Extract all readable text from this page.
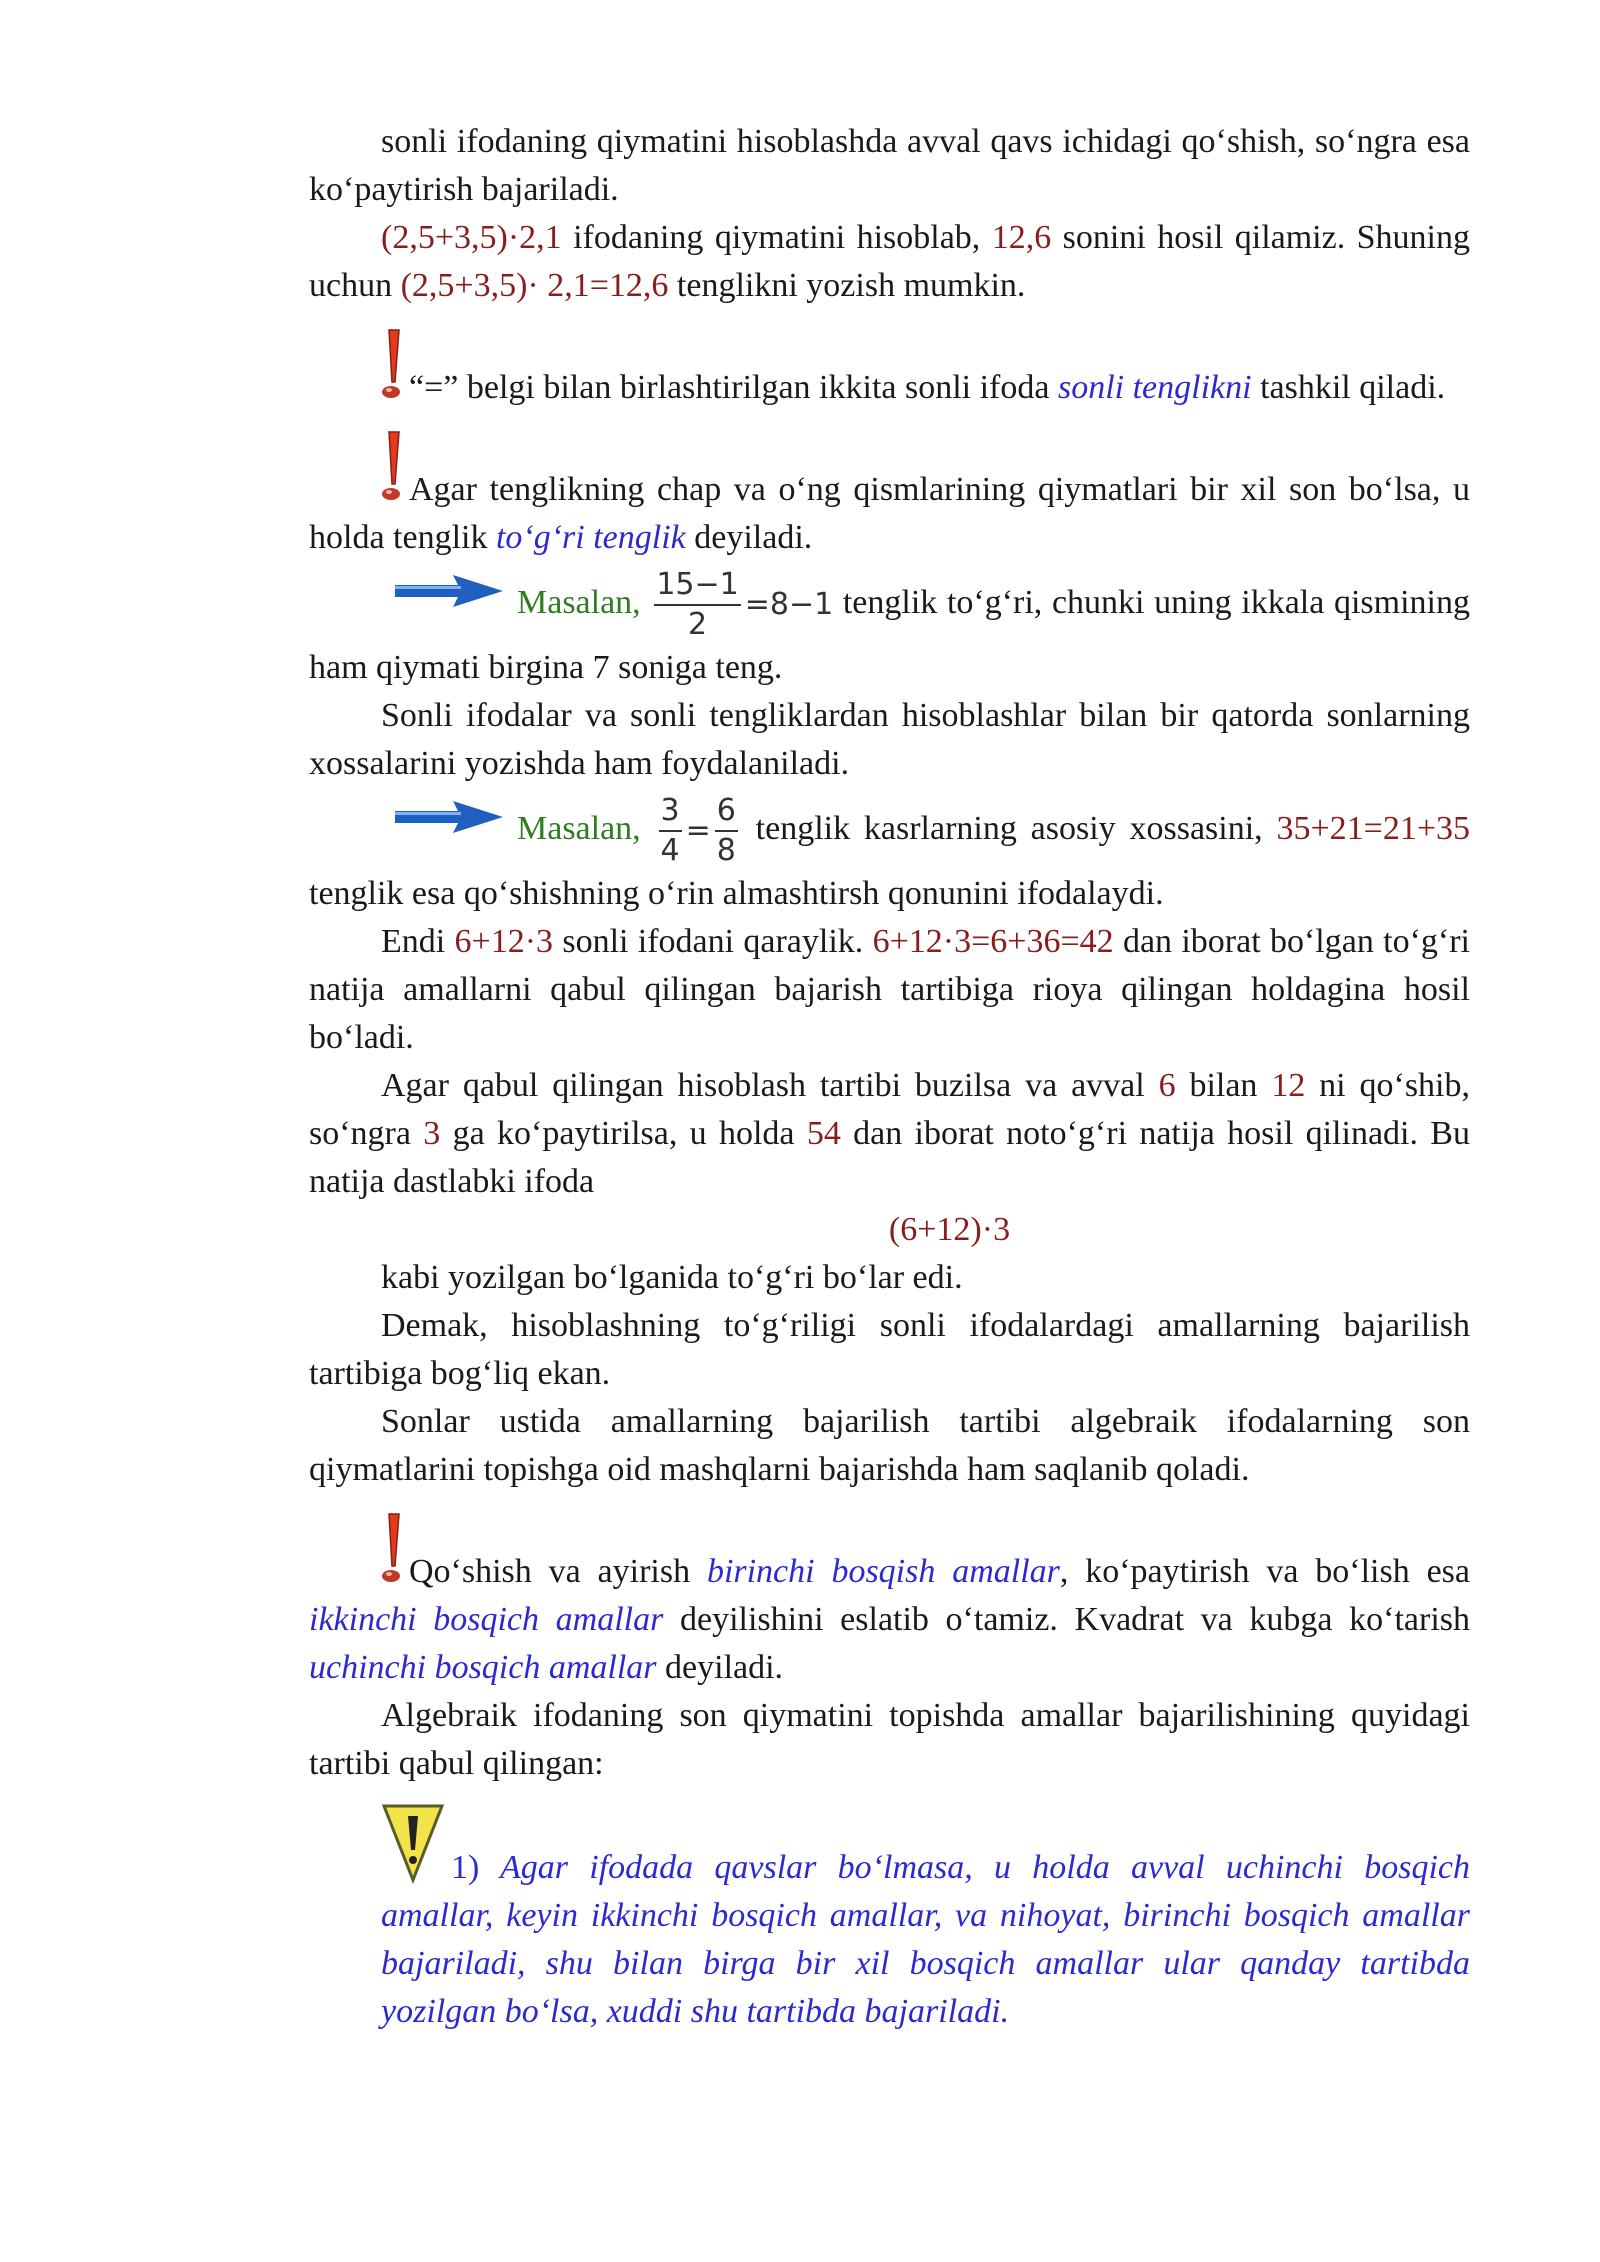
sonli ifodaning qiymatini hisoblashda avval qavs ichidagi qo‘shish, so‘ngra esa ko‘paytirish bajariladi.

(2,5+3,5)·2,1 ifodaning qiymatini hisoblab, 12,6 sonini hosil qilamiz. Shuning uchun (2,5+3,5)· 2,1=12,6 tenglikni yozish mumkin.

“=” belgi bilan birlashtirilgan ikkita sonli ifoda sonli tenglikni tashkil qiladi.

Agar tenglikning chap va o‘ng qismlarining qiymatlari bir xil son bo‘lsa, u holda tenglik to‘g‘ri tenglik deyiladi.

Masalan, $\frac{15-1}{2} =8-1$ tenglik to‘g‘ri, chunki uning ikkala qismining ham qiymati birgina 7 soniga teng.

Sonli ifodalar va sonli tengliklardan hisoblashlar bilan bir qatorda sonlarning xossalarini yozishda ham foydalaniladi.

Masalan, $\frac{3}{4} = \frac{6}{8}$ tenglik kasrlarning asosiy xossasini, 35+21=21+35 tenglik esa qo‘shishning o‘rin almashtirsh qonunini ifodalaydi.

Endi 6+12·3 sonli ifodani qaraylik. 6+12·3=6+36=42 dan iborat bo‘lgan to‘g‘ri natija amallarni qabul qilingan bajarish tartibiga rioya qilingan holdagina hosil bo‘ladi.

Agar qabul qilingan hisoblash tartibi buzilsa va avval 6 bilan 12 ni qo‘shib, so‘ngra 3 ga ko‘paytirilsa, u holda 54 dan iborat noto‘g‘ri natija hosil qilinadi. Bu natija dastlabki ifoda

(6+12)·3

kabi yozilgan bo‘lganida to‘g‘ri bo‘lar edi.

Demak, hisoblashning to‘g‘riligi sonli ifodalardagi amallarning bajarilish tartibiga bog‘liq ekan.

Sonlar ustida amallarning bajarilish tartibi algebraik ifodalarning son qiymatlarini topishga oid mashqlarni bajarishda ham saqlanib qoladi.

Qo‘shish va ayirish birinchi bosqish amallar, ko‘paytirish va bo‘lish esa ikkinchi bosqich amallar deyilishini eslatib o‘tamiz. Kvadrat va kubga ko‘tarish uchinchi bosqich amallar deyiladi.

Algebraik ifodaning son qiymatini topishda amallar bajarilishining quyidagi tartibi qabul qilingan:

1) Agar ifodada qavslar bo‘lmasa, u holda avval uchinchi bosqich amallar, keyin ikkinchi bosqich amallar, va nihoyat, birinchi bosqich amallar bajariladi, shu bilan birga bir xil bosqich amallar ular qanday tartibda yozilgan bo‘lsa, xuddi shu tartibda bajariladi.
